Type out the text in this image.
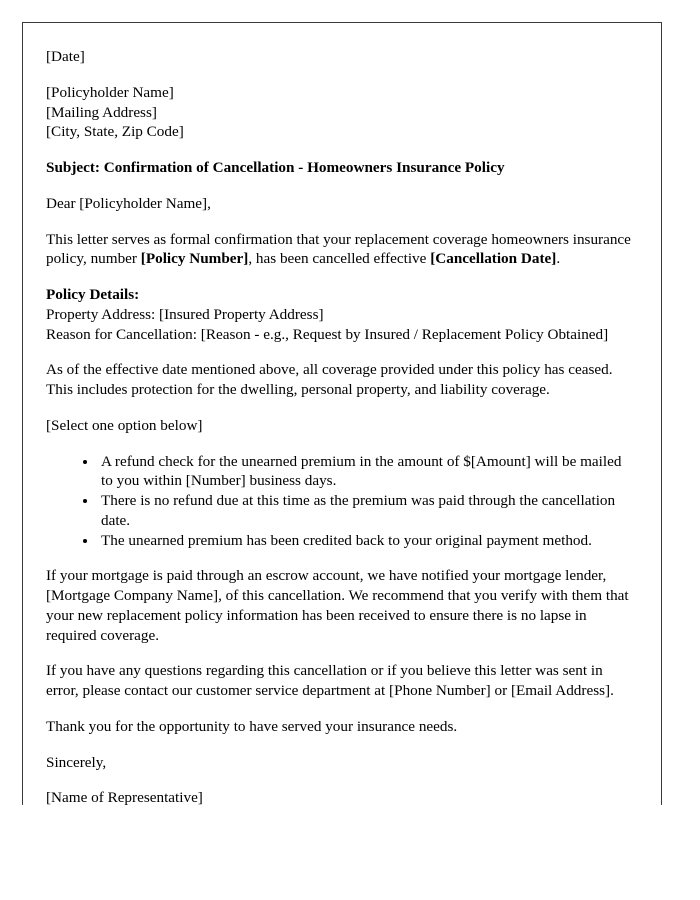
[Date]

[Policyholder Name]

[Mailing Address]

[City, State, Zip Code]

Subject: Confirmation of Cancellation - Homeowners Insurance Policy

Dear [Policyholder Name],

This letter serves as formal confirmation that your replacement coverage homeowners insurance policy, number [Policy Number], has been cancelled effective [Cancellation Date].

Policy Details:

Property Address: [Insured Property Address]

Reason for Cancellation: [Reason - e.g., Request by Insured / Replacement Policy Obtained]

As of the effective date mentioned above, all coverage provided under this policy has ceased. This includes protection for the dwelling, personal property, and liability coverage.

[Select one option below]

• A refund check for the unearned premium in the amount of $[Amount] will be mailed to you within [Number] business days.
• There is no refund due at this time as the premium was paid through the cancellation date.
• The unearned premium has been credited back to your original payment method.

If your mortgage is paid through an escrow account, we have notified your mortgage lender, [Mortgage Company Name], of this cancellation. We recommend that you verify with them that your new replacement policy information has been received to ensure there is no lapse in required coverage.

If you have any questions regarding this cancellation or if you believe this letter was sent in error, please contact our customer service department at [Phone Number] or [Email Address].

Thank you for the opportunity to have served your insurance needs.

Sincerely,

[Name of Representative]
